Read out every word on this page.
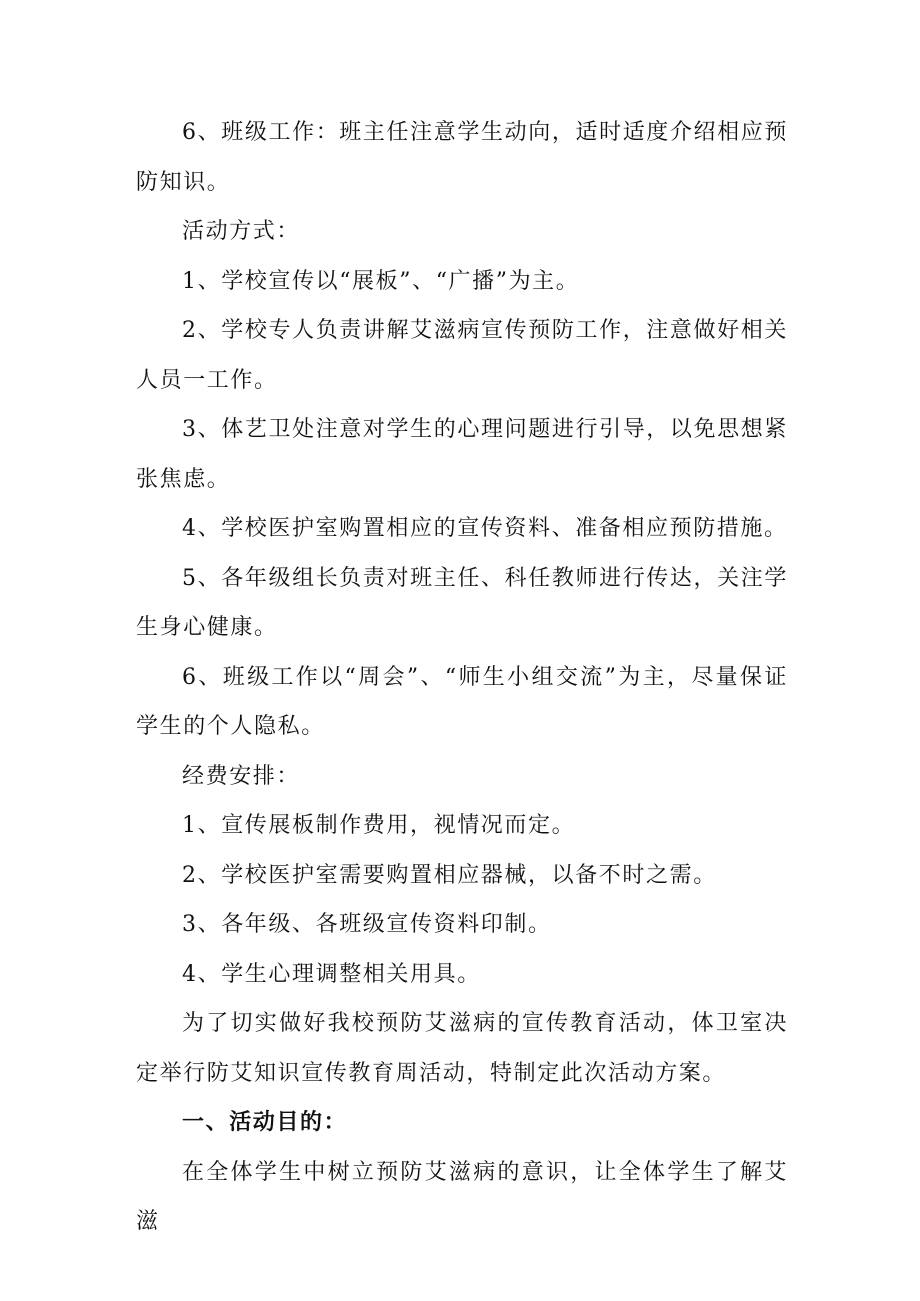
6、班级工作：班主任注意学生动向，适时适度介绍相应预防知识。

活动方式：

1、学校宣传以“展板”、“广播”为主。

2、学校专人负责讲解艾滋病宣传预防工作，注意做好相关人员一工作。

3、体艺卫处注意对学生的心理问题进行引导，以免思想紧张焦虑。

4、学校医护室购置相应的宣传资料、准备相应预防措施。

5、各年级组长负责对班主任、科任教师进行传达，关注学生身心健康。

6、班级工作以“周会”、“师生小组交流”为主，尽量保证学生的个人隐私。

经费安排：

1、宣传展板制作费用，视情况而定。

2、学校医护室需要购置相应器械，以备不时之需。

3、各年级、各班级宣传资料印制。

4、学生心理调整相关用具。

为了切实做好我校预防艾滋病的宣传教育活动，体卫室决定举行防艾知识宣传教育周活动，特制定此次活动方案。

一、活动目的：

在全体学生中树立预防艾滋病的意识，让全体学生了解艾滋
